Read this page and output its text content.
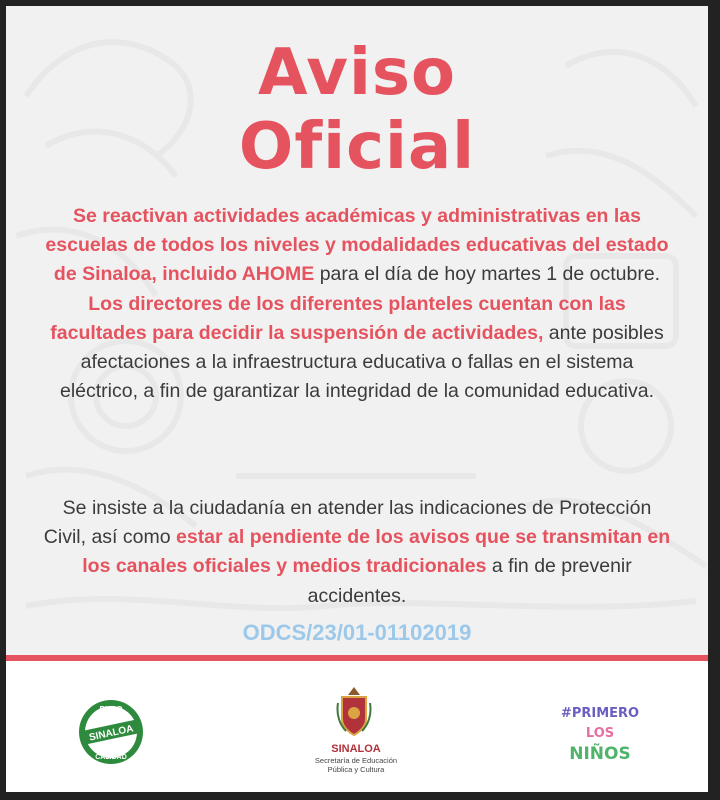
Aviso
Oficial
Se reactivan actividades académicas y administrativas en las escuelas de todos los niveles y modalidades educativas del estado de Sinaloa, incluido AHOME para el día de hoy martes 1 de octubre. Los directores de los diferentes planteles cuentan con las facultades para decidir la suspensión de actividades, ante posibles afectaciones a la infraestructura educativa o fallas en el sistema eléctrico, a fin de garantizar la integridad de la comunidad educativa.
Se insiste a la ciudadanía en atender las indicaciones de Protección Civil, así como estar al pendiente de los avisos que se transmitan en los canales oficiales y medios tradicionales a fin de prevenir accidentes.
ODCS/23/01-01102019
PURO
SINALOA
CALIDAD
SINALOA
Secretaría de Educación
Pública y Cultura
#PRIMERO
LOS
NIÑOS
